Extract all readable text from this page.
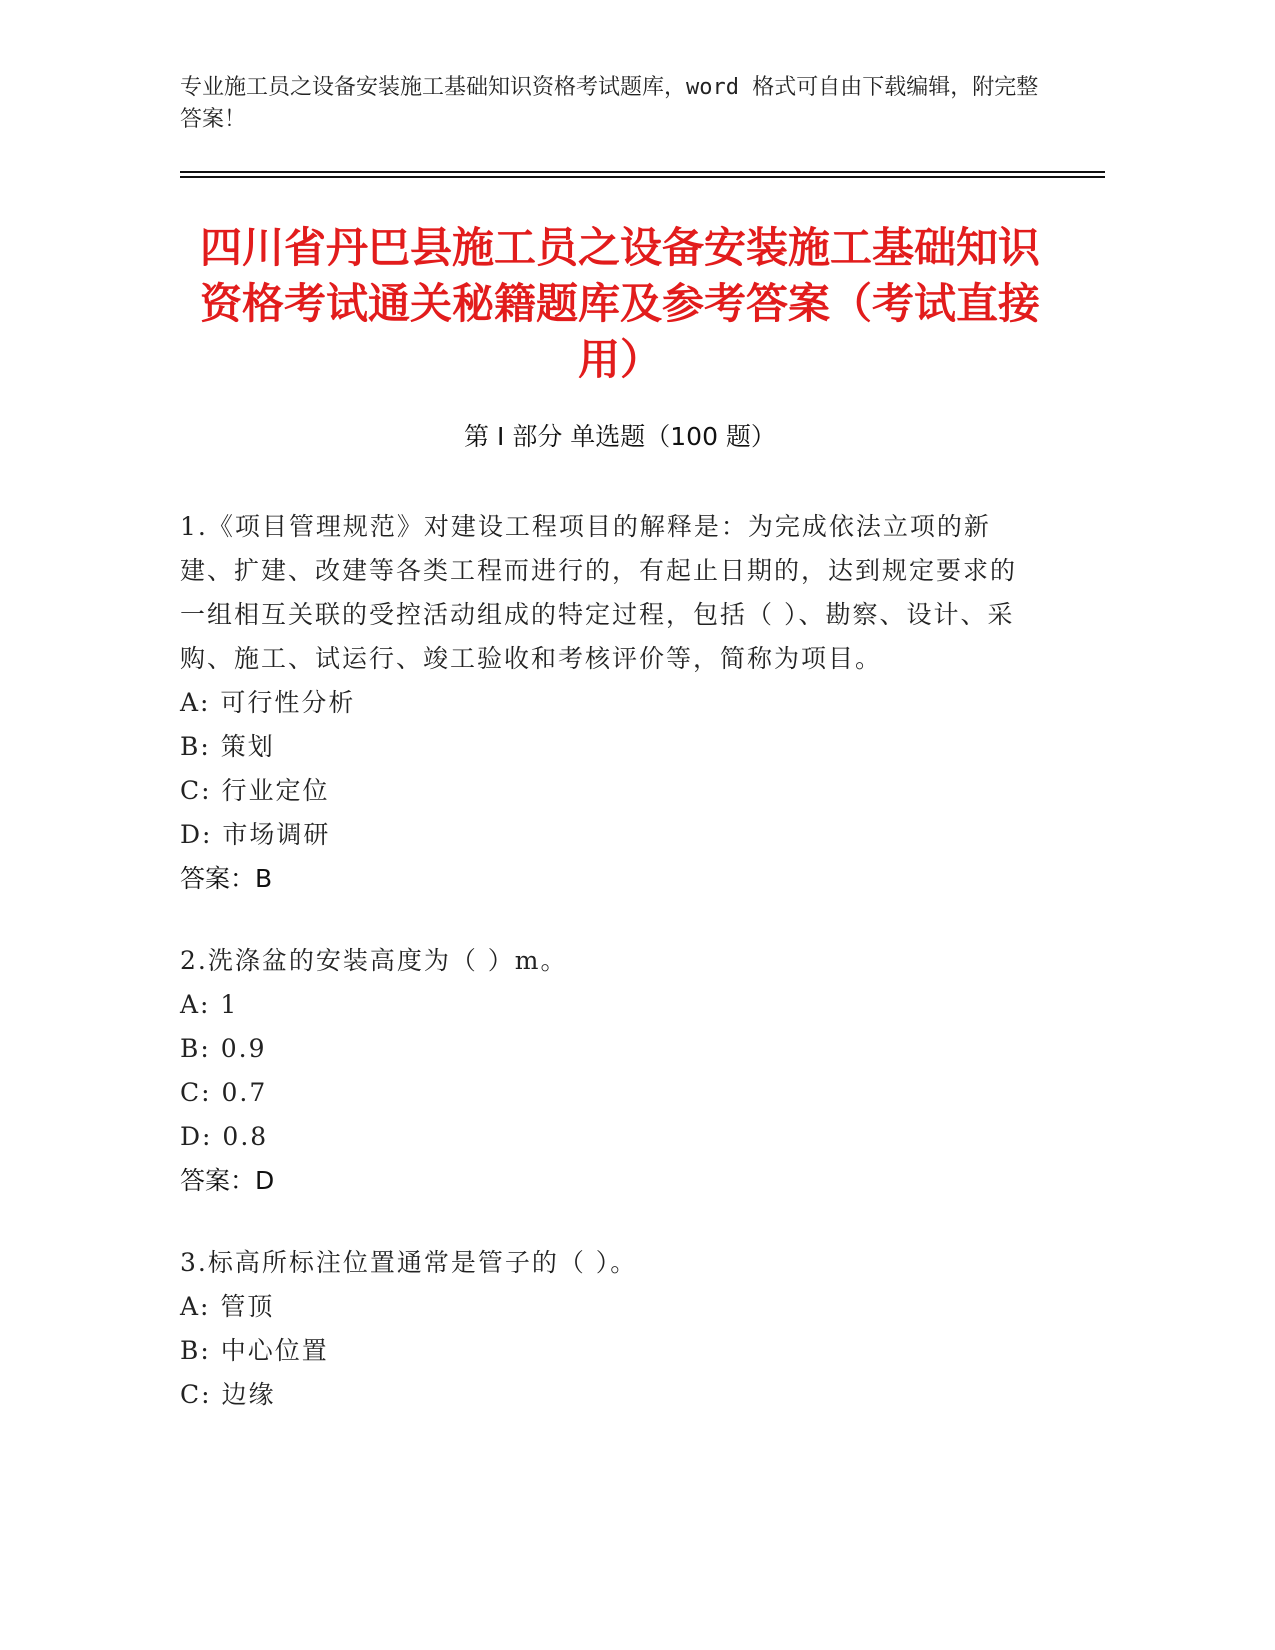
专业施工员之设备安装施工基础知识资格考试题库，word 格式可自由下载编辑，附完整答案！
四川省丹巴县施工员之设备安装施工基础知识资格考试通关秘籍题库及参考答案（考试直接用）
第 I 部分 单选题（100 题）
1.《项目管理规范》对建设工程项目的解释是：为完成依法立项的新建、扩建、改建等各类工程而进行的，有起止日期的，达到规定要求的一组相互关联的受控活动组成的特定过程，包括（ ）、勘察、设计、采购、施工、试运行、竣工验收和考核评价等，简称为项目。
A: 可行性分析
B: 策划
C: 行业定位
D: 市场调研
答案：B
2.洗涤盆的安装高度为（ ）m。
A: 1
B: 0.9
C: 0.7
D: 0.8
答案：D
3.标高所标注位置通常是管子的（ ）。
A: 管顶
B: 中心位置
C: 边缘
